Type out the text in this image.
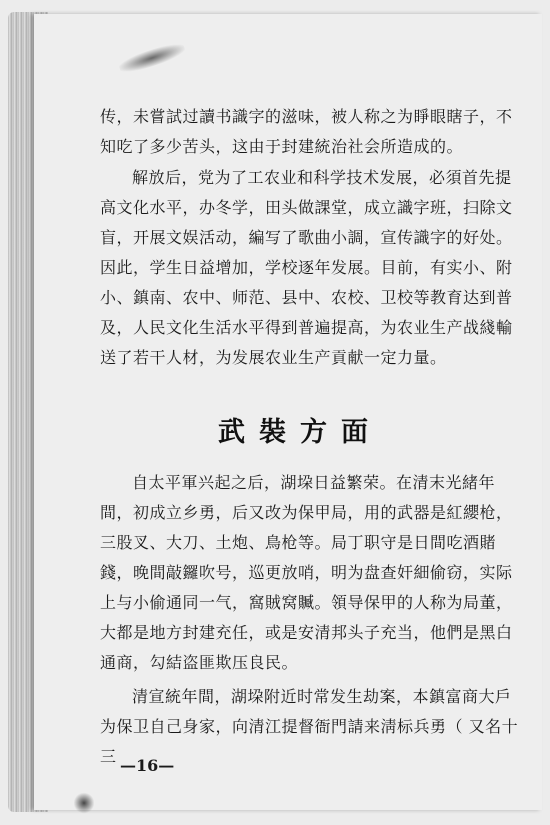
传，未嘗試过讀书識字的滋味，被人称之为睜眼瞎子，不知吃了多少苦头，这由于封建統治社会所造成的。

解放后，党为了工农业和科学技术发展，必須首先提高文化水平，办冬学，田头做課堂，成立識字班，扫除文盲，开展文娱活动，編写了歌曲小調，宣传識字的好处。因此，学生日益增加，学校逐年发展。目前，有实小、附小、鎮南、农中、师范、县中、农校、卫校等教育达到普及，人民文化生活水平得到普遍提高，为农业生产战綫輸送了若干人材，为发展农业生产貢献一定力量。

武裝方面

自太平軍兴起之后，湖垜日益繁荣。在清末光緒年間，初成立乡勇，后又改为保甲局，用的武器是紅纓枪，三股叉、大刀、土炮、鳥枪等。局丁职守是日間吃酒賭錢，晚間敲鑼吹号，巡更放哨，明为盘查奸細偷窃，实际上与小偷通同一气，窩賊窝贓。領导保甲的人称为局董，大都是地方封建充任，或是安清邦头子充当，他們是黑白通商，勾結盗匪欺压良民。

清宣統年間，湖垜附近时常发生劫案，本鎮富商大戶为保卫自己身家，向清江提督衙門請来淸标兵勇（ 又名十三 —16—
